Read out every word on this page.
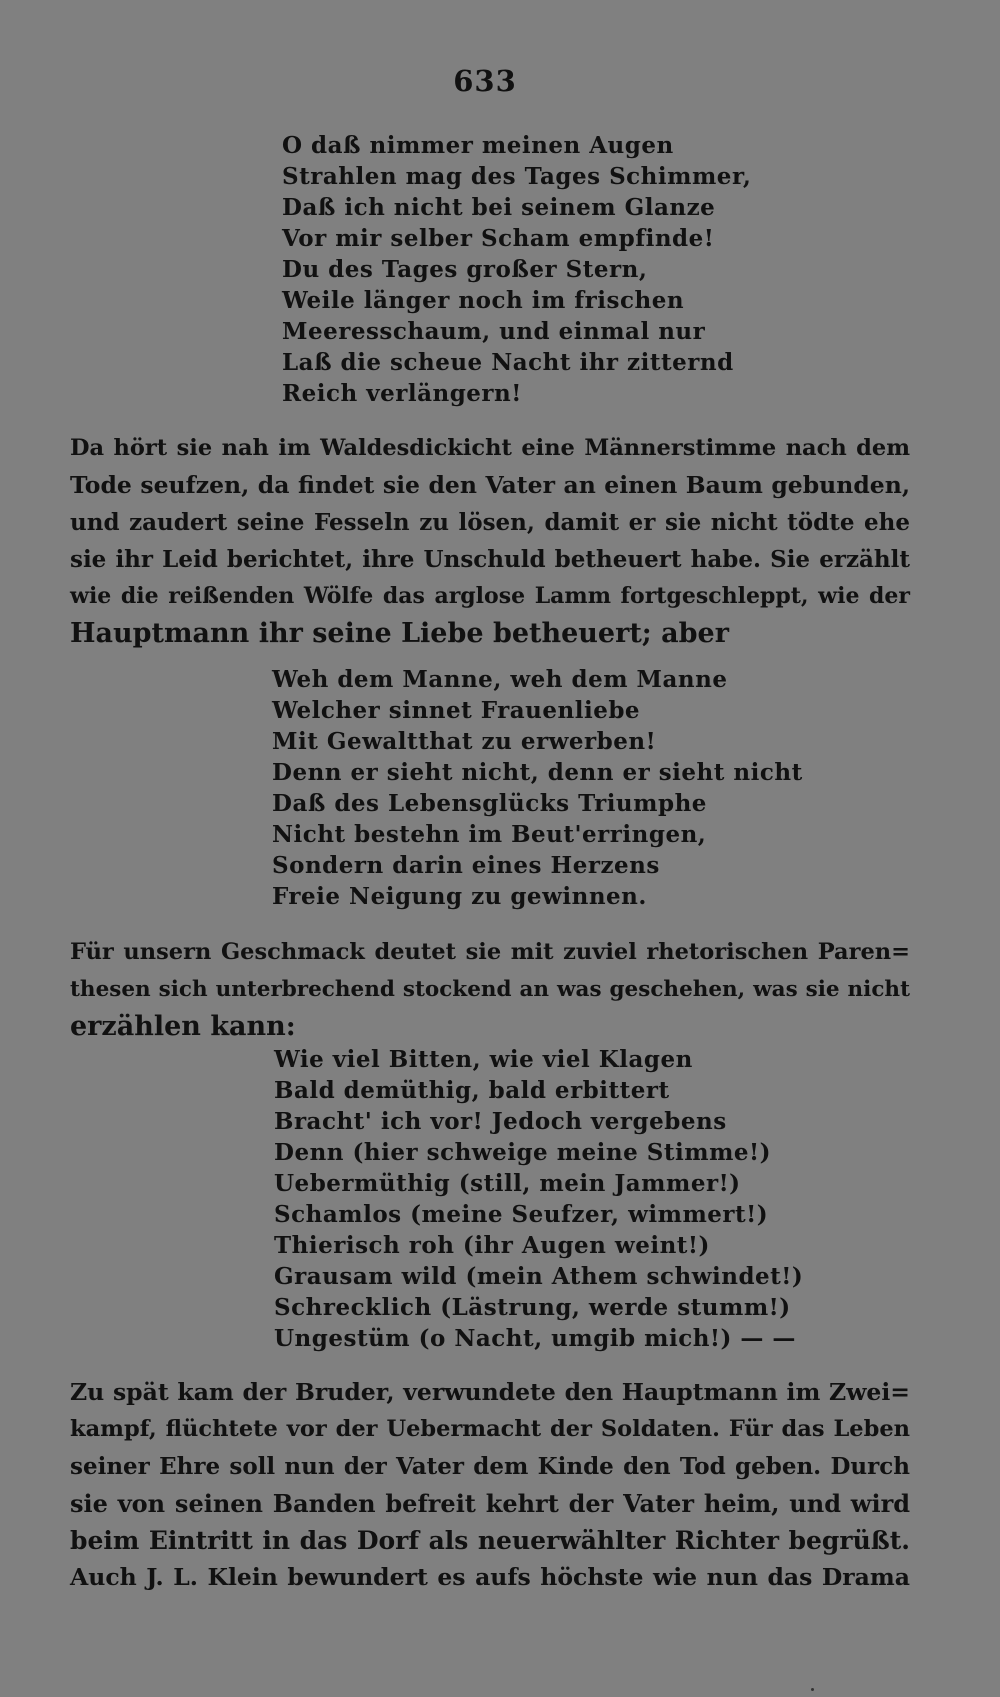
633
O daß nimmer meinen Augen
Strahlen mag des Tages Schimmer,
Daß ich nicht bei seinem Glanze
Vor mir selber Scham empfinde!
Du des Tages großer Stern,
Weile länger noch im frischen
Meeresschaum, und einmal nur
Laß die scheue Nacht ihr zitternd
Reich verlängern!
Da hört sie nah im Waldesdickicht eine Männerstimme nach dem
Tode seufzen, da findet sie den Vater an einen Baum gebunden,
und zaudert seine Fesseln zu lösen, damit er sie nicht tödte ehe
sie ihr Leid berichtet, ihre Unschuld betheuert habe. Sie erzählt
wie die reißenden Wölfe das arglose Lamm fortgeschleppt, wie der
Hauptmann ihr seine Liebe betheuert; aber
Weh dem Manne, weh dem Manne
Welcher sinnet Frauenliebe
Mit Gewaltthat zu erwerben!
Denn er sieht nicht, denn er sieht nicht
Daß des Lebensglücks Triumphe
Nicht bestehn im Beut'erringen,
Sondern darin eines Herzens
Freie Neigung zu gewinnen.
Für unsern Geschmack deutet sie mit zuviel rhetorischen Paren=
thesen sich unterbrechend stockend an was geschehen, was sie nicht
erzählen kann:
Wie viel Bitten, wie viel Klagen
Bald demüthig, bald erbittert
Bracht' ich vor! Jedoch vergebens
Denn (hier schweige meine Stimme!)
Uebermüthig (still, mein Jammer!)
Schamlos (meine Seufzer, wimmert!)
Thierisch roh (ihr Augen weint!)
Grausam wild (mein Athem schwindet!)
Schrecklich (Lästrung, werde stumm!)
Ungestüm (o Nacht, umgib mich!) — —
Zu spät kam der Bruder, verwundete den Hauptmann im Zwei=
kampf, flüchtete vor der Uebermacht der Soldaten. Für das Leben
seiner Ehre soll nun der Vater dem Kinde den Tod geben. Durch
sie von seinen Banden befreit kehrt der Vater heim, und wird
beim Eintritt in das Dorf als neuerwählter Richter begrüßt.
Auch J. L. Klein bewundert es aufs höchste wie nun das Drama
